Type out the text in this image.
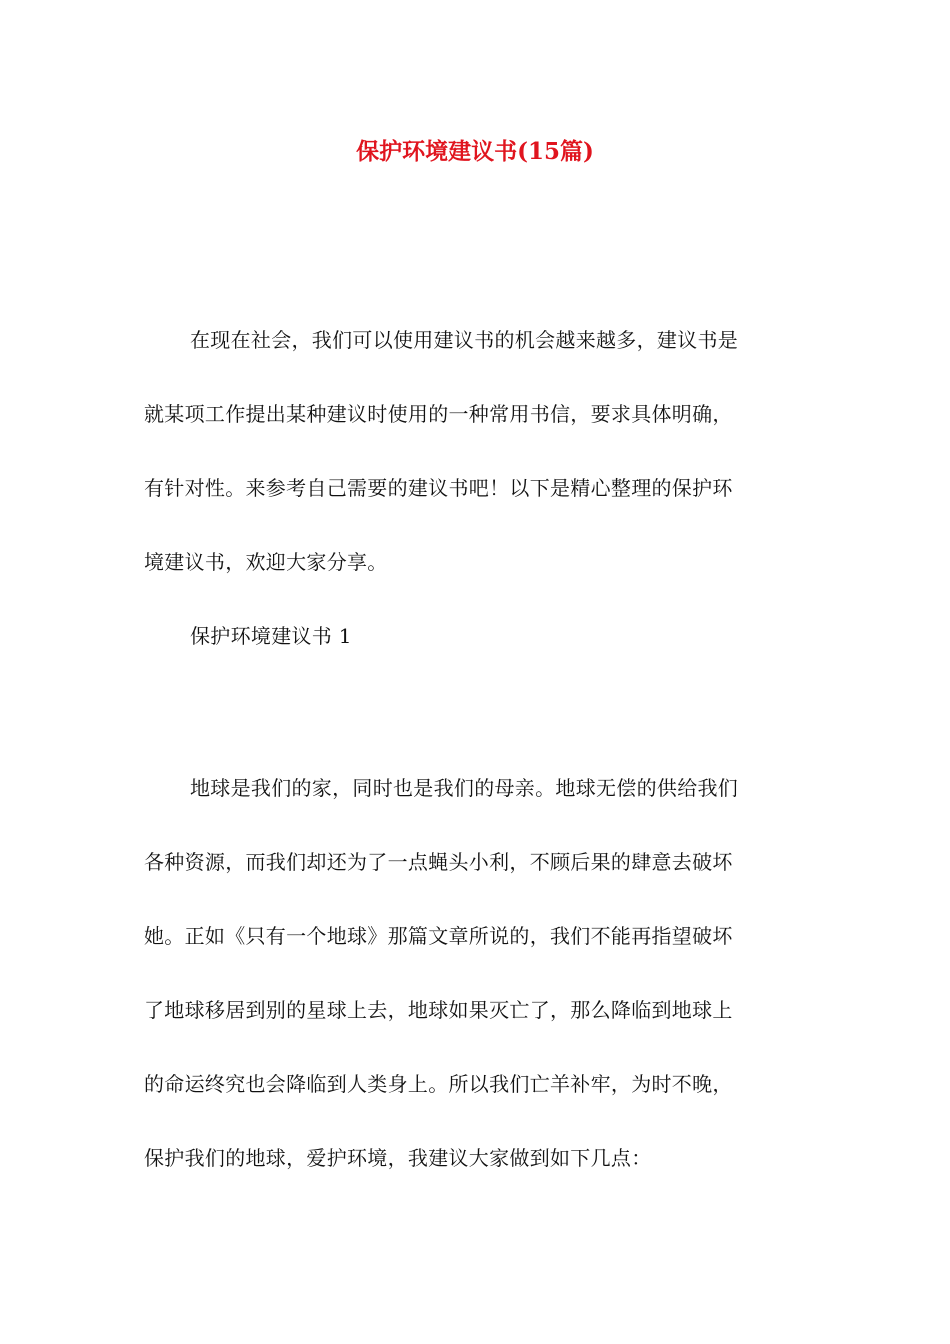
保护环境建议书(15篇)
在现在社会，我们可以使用建议书的机会越来越多，建议书是
就某项工作提出某种建议时使用的一种常用书信，要求具体明确，
有针对性。来参考自己需要的建议书吧！以下是精心整理的保护环
境建议书，欢迎大家分享。
保护环境建议书 1
地球是我们的家，同时也是我们的母亲。地球无偿的供给我们
各种资源，而我们却还为了一点蝇头小利，不顾后果的肆意去破坏
她。正如《只有一个地球》那篇文章所说的，我们不能再指望破坏
了地球移居到别的星球上去，地球如果灭亡了，那么降临到地球上
的命运终究也会降临到人类身上。所以我们亡羊补牢，为时不晚，
保护我们的地球，爱护环境，我建议大家做到如下几点：
